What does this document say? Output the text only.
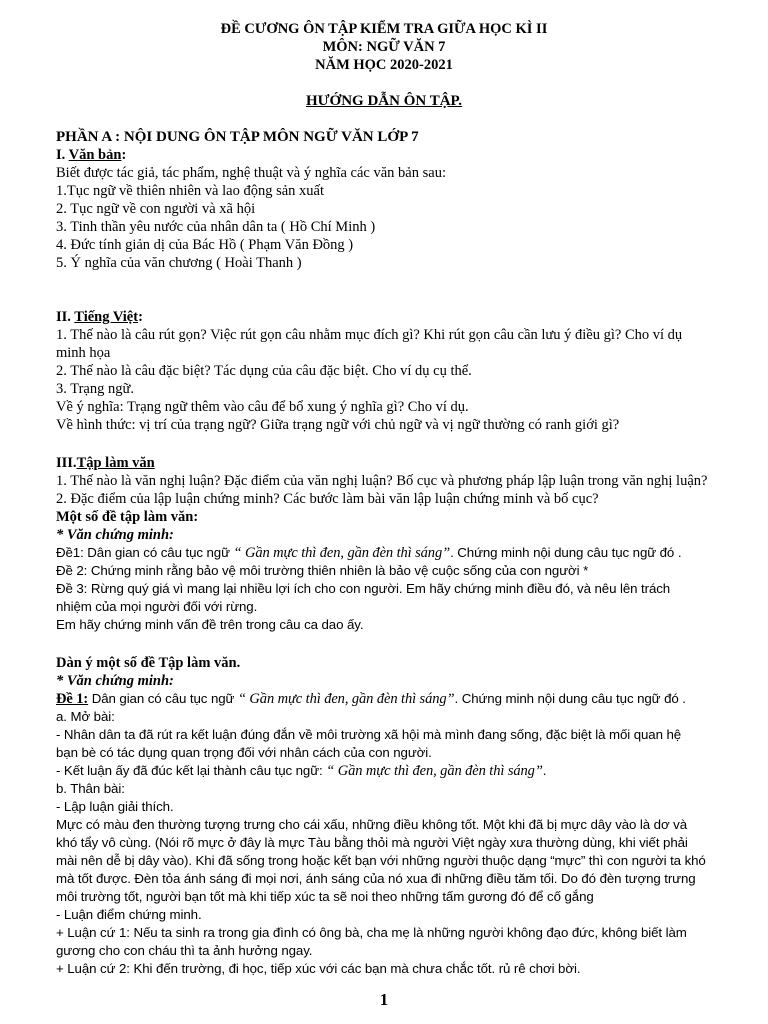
ĐỀ CƯƠNG ÔN TẬP KIỂM TRA GIỮA HỌC KÌ II
MÔN: NGỮ VĂN 7
NĂM HỌC 2020-2021
HƯỚNG DẪN ÔN TẬP.
PHẦN A : NỘI DUNG ÔN TẬP MÔN NGỮ VĂN LỚP 7
I. Văn bản:
Biết được tác giả, tác phẩm, nghệ thuật và ý nghĩa các văn bản sau:
1.Tục ngữ về thiên nhiên và lao động sản xuất
2. Tục ngữ về con người và xã hội
3. Tinh thần yêu nước của nhân dân ta ( Hồ Chí Minh )
4. Đức tính giản dị của Bác Hồ ( Phạm Văn Đồng )
5. Ý nghĩa của văn chương ( Hoài Thanh )
II. Tiếng Việt:
1. Thế nào là câu rút gọn? Việc rút gọn câu nhằm mục đích gì? Khi rút gọn câu cần lưu ý điều gì? Cho ví dụ
minh họa
2. Thế nào là câu đặc biệt? Tác dụng của câu đặc biệt. Cho ví dụ cụ thể.
3. Trạng ngữ.
Về ý nghĩa: Trạng ngữ thêm vào câu để bổ xung ý nghĩa gì? Cho ví dụ.
Về hình thức: vị trí của trạng ngữ? Giữa trạng ngữ với chủ ngữ và vị ngữ thường có ranh giới gì?
III.Tập làm văn
1. Thế nào là văn nghị luận? Đặc điểm của văn nghị luận? Bố cục và phương pháp lập luận trong văn nghị luận?
2. Đặc điểm của lập luận chứng minh? Các bước làm bài văn lập luận chứng minh và bố cục?
Một số đề tập làm văn:
* Văn chứng minh:
Đề1: Dân gian có câu tục ngữ “ Gần mực thì đen, gần đèn thì sáng”. Chứng minh nội dung câu tục ngữ đó .
Đề 2: Chứng minh rằng bảo vệ môi trường thiên nhiên là bảo vệ cuộc sống của con người *
Đề 3: Rừng quý giá vì mang lại nhiều lợi ích cho con người. Em hãy chứng minh điều đó, và nêu lên trách
nhiệm của mọi người đối với rừng.
Em hãy chứng minh vấn đề trên trong câu ca dao ấy.
Dàn ý một số đề Tập làm văn.
* Văn chứng minh:
Đề 1: Dân gian có câu tục ngữ “ Gần mực thì đen, gần đèn thì sáng”. Chứng minh nội dung câu tục ngữ đó .
a. Mở bài:
- Nhân dân ta đã rút ra kết luận đúng đắn về môi trường xã hội mà mình đang sống, đặc biệt là mối quan hệ
bạn bè có tác dụng quan trọng đối với nhân cách của con người.
- Kết luận ấy đã đúc kết lại thành câu tục ngữ: “ Gần mực thì đen, gần đèn thì sáng”.
b. Thân bài:
- Lập luận giải thích.
Mực có màu đen thường tượng trưng cho cái xấu, những điều không tốt. Một khi đã bị mực dây vào là dơ và
khó tẩy vô cùng. (Nói rõ mực ở đây là mực Tàu bằng thỏi mà người Việt ngày xưa thường dùng, khi viết phải
mài nên dễ bị dây vào). Khi đã sống trong hoặc kết bạn với những người thuộc dạng “mực” thì con người ta khó
mà tốt được. Đèn tỏa ánh sáng đi mọi nơi, ánh sáng của nó xua đi những điều tăm tối. Do đó đèn tượng trưng
môi trường tốt, người bạn tốt mà khi tiếp xúc ta sẽ noi theo những tấm gương đó để cố gắng
- Luận điểm chứng minh.
+ Luận cứ 1: Nếu ta sinh ra trong gia đình có ông bà, cha mẹ là những người không đạo đức, không biết làm
gương cho con cháu thì ta ảnh hưởng ngay.
+ Luận cứ 2: Khi đến trường, đi học, tiếp xúc với các bạn mà chưa chắc tốt. rủ rê chơi bời.
1
